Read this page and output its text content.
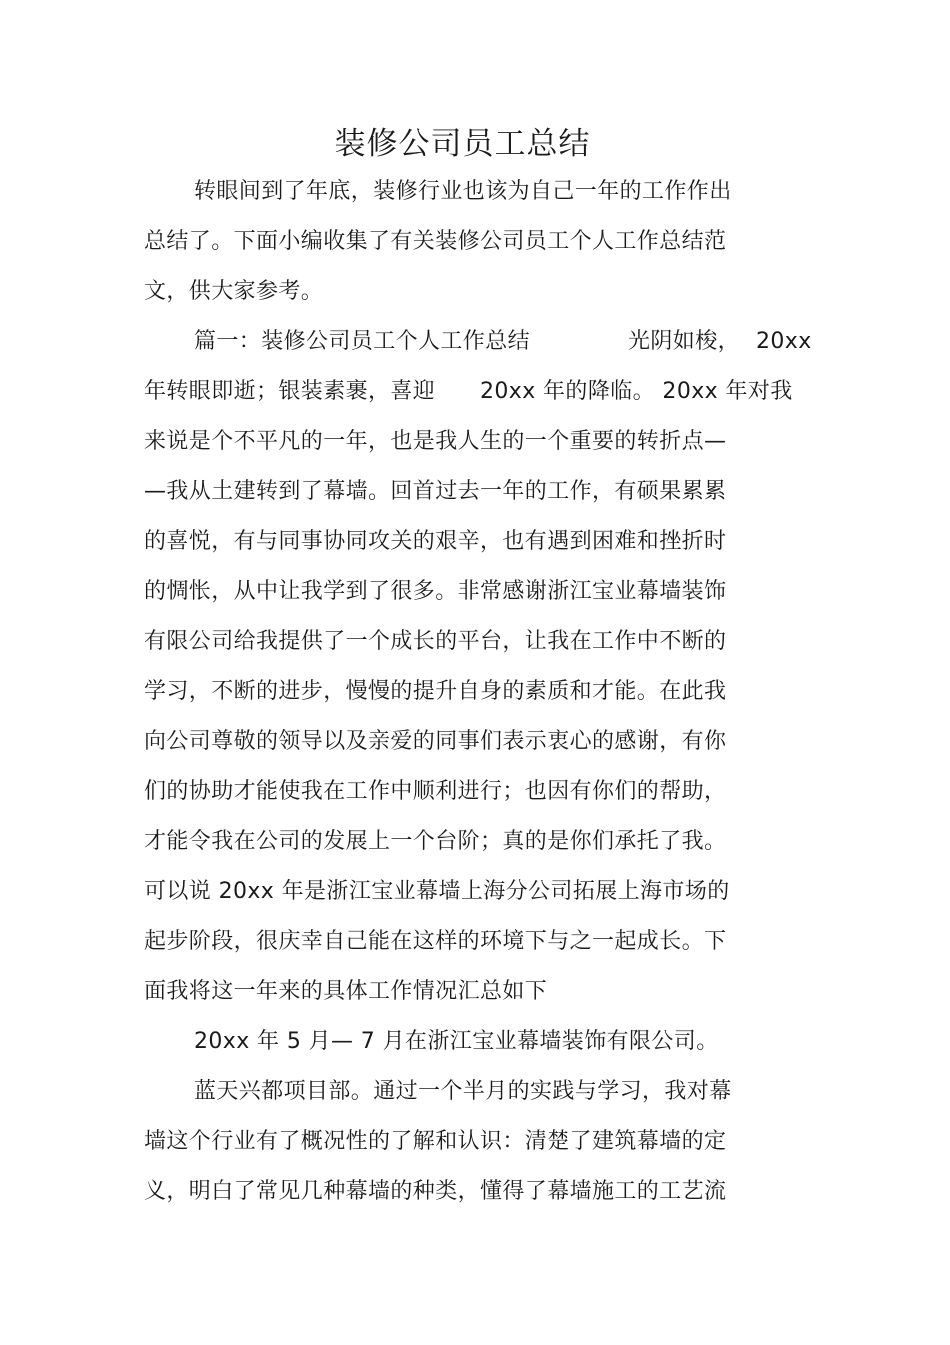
装修公司员工总结
转眼间到了年底，装修行业也该为自己一年的工作作出
总结了。下面小编收集了有关装修公司员工个人工作总结范
文，供大家参考。
篇一：装修公司员工个人工作总结	光阴如梭， 20xx
年转眼即逝；银装素裹，喜迎　　20xx 年的降临。 20xx 年对我
来说是个不平凡的一年，也是我人生的一个重要的转折点—
—我从土建转到了幕墙。回首过去一年的工作，有硕果累累
的喜悦，有与同事协同攻关的艰辛，也有遇到困难和挫折时
的惆怅，从中让我学到了很多。非常感谢浙江宝业幕墙装饰
有限公司给我提供了一个成长的平台，让我在工作中不断的
学习，不断的进步，慢慢的提升自身的素质和才能。在此我
向公司尊敬的领导以及亲爱的同事们表示衷心的感谢，有你
们的协助才能使我在工作中顺利进行；也因有你们的帮助，
才能令我在公司的发展上一个台阶；真的是你们承托了我。
可以说 20xx 年是浙江宝业幕墙上海分公司拓展上海市场的
起步阶段，很庆幸自己能在这样的环境下与之一起成长。下
面我将这一年来的具体工作情况汇总如下
20xx 年 5 月— 7 月在浙江宝业幕墙装饰有限公司。
蓝天兴都项目部。通过一个半月的实践与学习，我对幕
墙这个行业有了概况性的了解和认识：清楚了建筑幕墙的定
义，明白了常见几种幕墙的种类，懂得了幕墙施工的工艺流
